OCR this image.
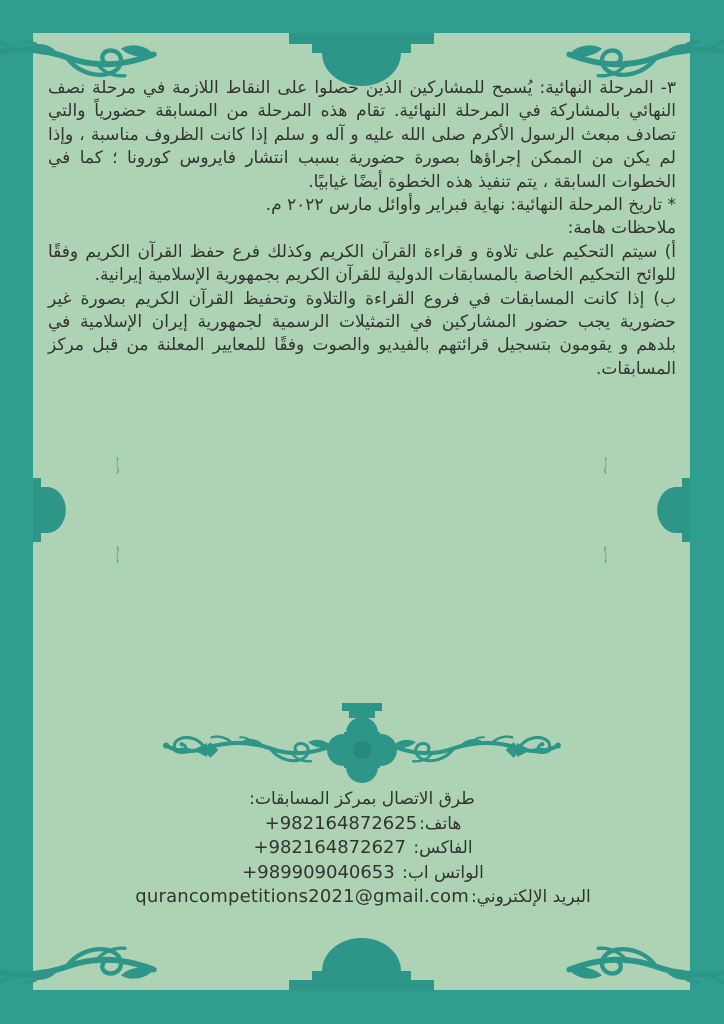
٣- المرحلة النهائية: يُسمح للمشاركين الذين حصلوا على النقاط اللازمة في مرحلة نصف النهائي بالمشاركة في المرحلة النهائية. تقام هذه المرحلة من المسابقة حضورياً والتي تصادف مبعث الرسول الأكرم صلى الله عليه و آله و سلم إذا كانت الظروف مناسبة ، وإذا لم يكن من الممكن إجراؤها بصورة حضورية بسبب انتشار فايروس كورونا ؛ كما في الخطوات السابقة ، يتم تنفيذ هذه الخطوة أيضًا غيابيًا.

* تاريخ المرحلة النهائية: نهاية فبراير وأوائل مارس ٢٠٢٢ م.

ملاحظات هامة:

أ) سيتم التحكيم على تلاوة و قراءة القرآن الكريم وكذلك فرع حفظ القرآن الكريم وفقًا للوائح التحكيم الخاصة بالمسابقات الدولية للقرآن الكريم بجمهورية الإسلامية إيرانية.

ب) إذا كانت المسابقات في فروع القراءة والتلاوة وتحفيظ القرآن الكريم بصورة غير حضورية يجب حضور المشاركين في التمثيلات الرسمية لجمهورية إيران الإسلامية في بلدهم و يقومون بتسجيل قرائتهم بالفيديو والصوت وفقًا للمعايير المعلنة من قبل مركز المسابقات.

طرق الاتصال بمركز المسابقات:
هاتف:+982164872625
الفاكس: +982164872627
الواتس اب: +989909040653
البريد الإلكتروني:qurancompetitions2021@gmail.com
